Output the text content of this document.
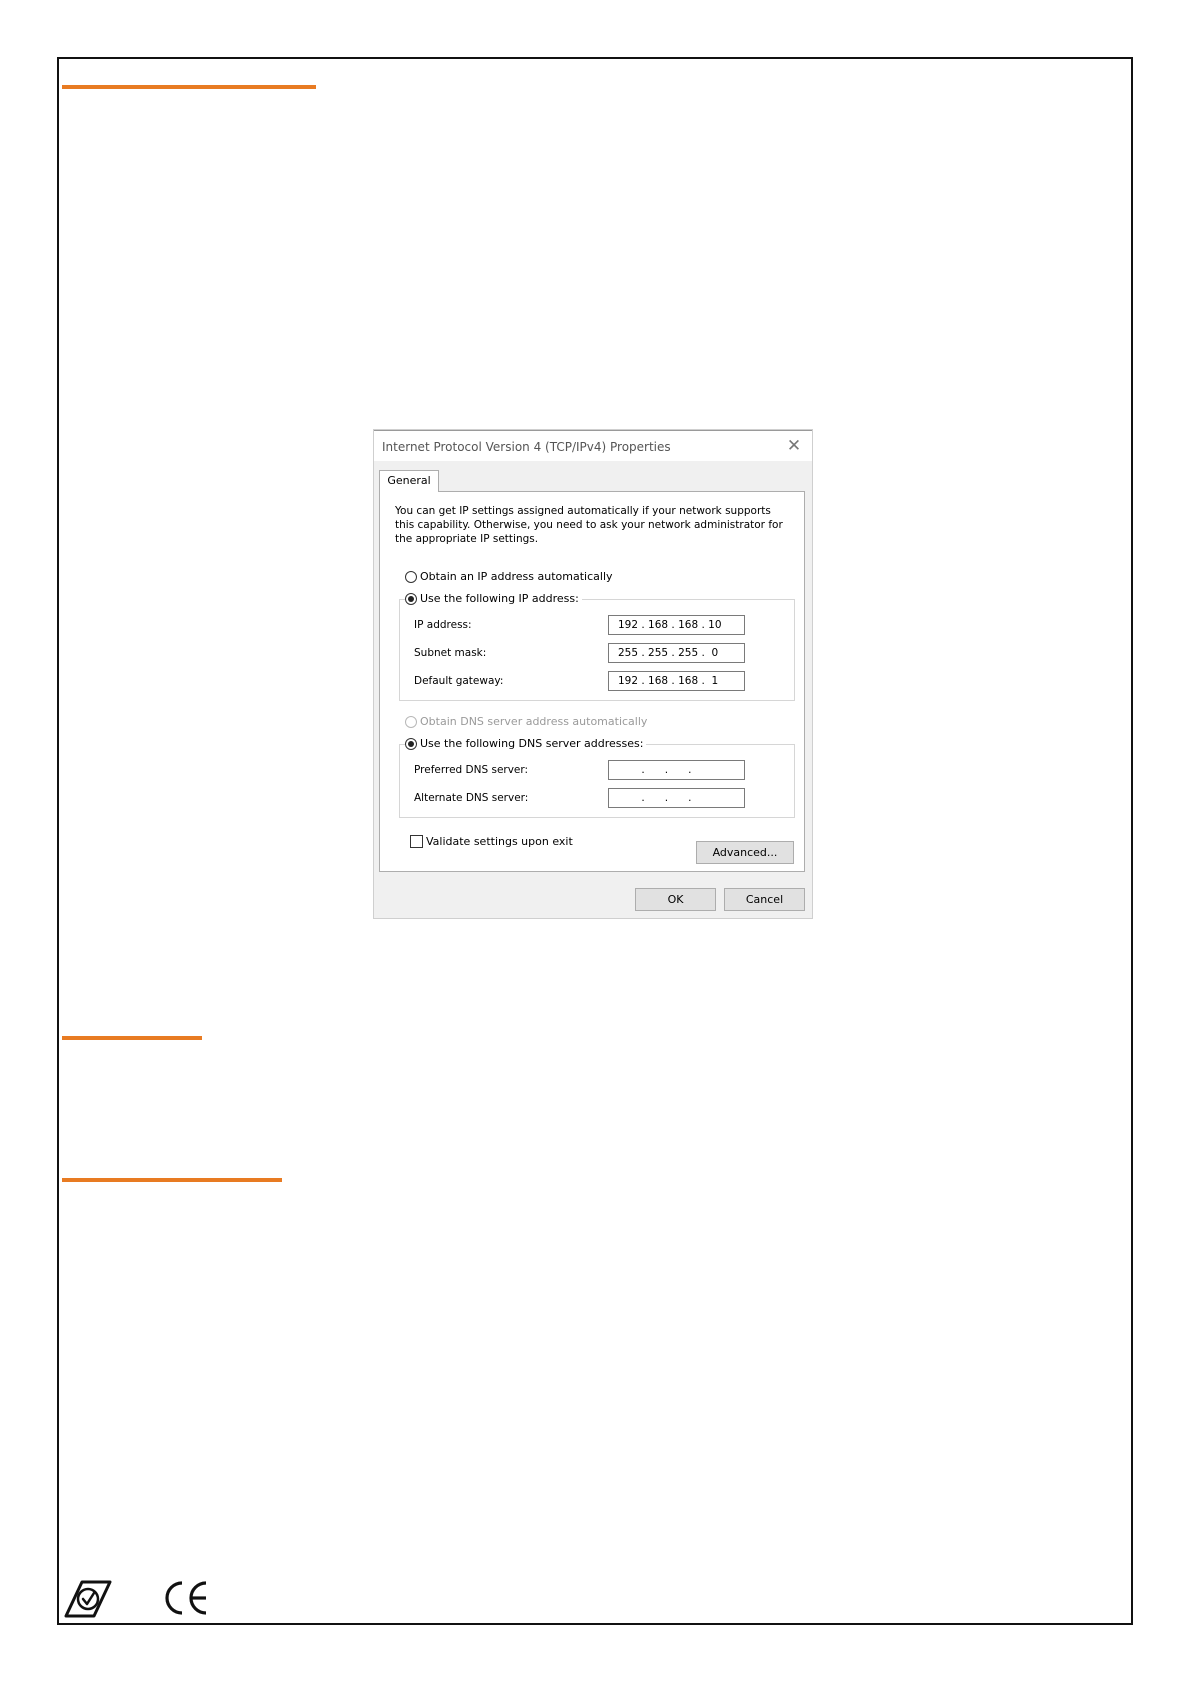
Internet Protocol Version 4 (TCP/IPv4) Properties	✕
General
You can get IP settings assigned automatically if your network supports this capability. Otherwise, you need to ask your network administrator for the appropriate IP settings.
Obtain an IP address automatically
IP address:	192 . 168 . 168 . 10
Subnet mask:	255 . 255 . 255 .  0
Default gateway:	192 . 168 . 168 .  1
Use the following IP address:
Obtain DNS server address automatically
Preferred DNS server:	.      .      .
Alternate DNS server:	.      .      .
Use the following DNS server addresses:
Validate settings upon exit
Advanced...
OK	Cancel
